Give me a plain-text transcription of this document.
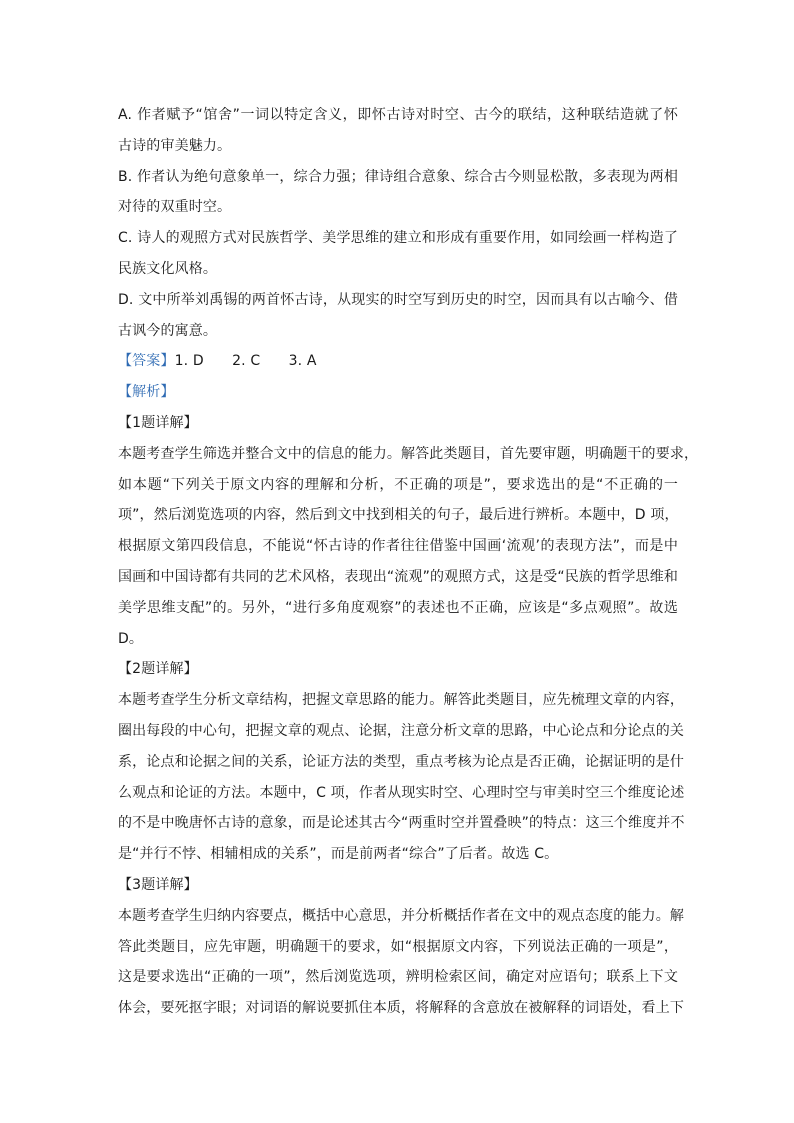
A. 作者赋予“馆舍”一词以特定含义，即怀古诗对时空、古今的联结，这种联结造就了怀
古诗的审美魅力。
B. 作者认为绝句意象单一，综合力强；律诗组合意象、综合古今则显松散，多表现为两相
对待的双重时空。
C. 诗人的观照方式对民族哲学、美学思维的建立和形成有重要作用，如同绘画一样构造了
民族文化风格。
D. 文中所举刘禹锡的两首怀古诗，从现实的时空写到历史的时空，因而具有以古喻今、借
古讽今的寓意。
【答案】1. D　　2. C　　3. A
【解析】
【1题详解】
本题考查学生筛选并整合文中的信息的能力。解答此类题目，首先要审题，明确题干的要求，
如本题“下列关于原文内容的理解和分析，不正确的项是”，要求选出的是“不正确的一
项”，然后浏览选项的内容，然后到文中找到相关的句子，最后进行辨析。本题中，D 项，
根据原文第四段信息，不能说“怀古诗的作者往往借鉴中国画‘流观’的表现方法”，而是中
国画和中国诗都有共同的艺术风格，表现出“流观”的观照方式，这是受“民族的哲学思维和
美学思维支配”的。另外，“进行多角度观察”的表述也不正确，应该是“多点观照”。故选
D。
【2题详解】
本题考查学生分析文章结构，把握文章思路的能力。解答此类题目，应先梳理文章的内容，
圈出每段的中心句，把握文章的观点、论据，注意分析文章的思路，中心论点和分论点的关
系，论点和论据之间的关系，论证方法的类型，重点考核为论点是否正确，论据证明的是什
么观点和论证的方法。本题中，C 项，作者从现实时空、心理时空与审美时空三个维度论述
的不是中晚唐怀古诗的意象，而是论述其古今“两重时空并置叠映”的特点：这三个维度并不
是“并行不悖、相辅相成的关系”，而是前两者“综合”了后者。故选 C。
【3题详解】
本题考查学生归纳内容要点，概括中心意思，并分析概括作者在文中的观点态度的能力。解
答此类题目，应先审题，明确题干的要求，如“根据原文内容，下列说法正确的一项是”，
这是要求选出“正确的一项”，然后浏览选项，辨明检索区间，确定对应语句；联系上下文
体会，要死抠字眼；对词语的解说要抓住本质，将解释的含意放在被解释的词语处，看上下
